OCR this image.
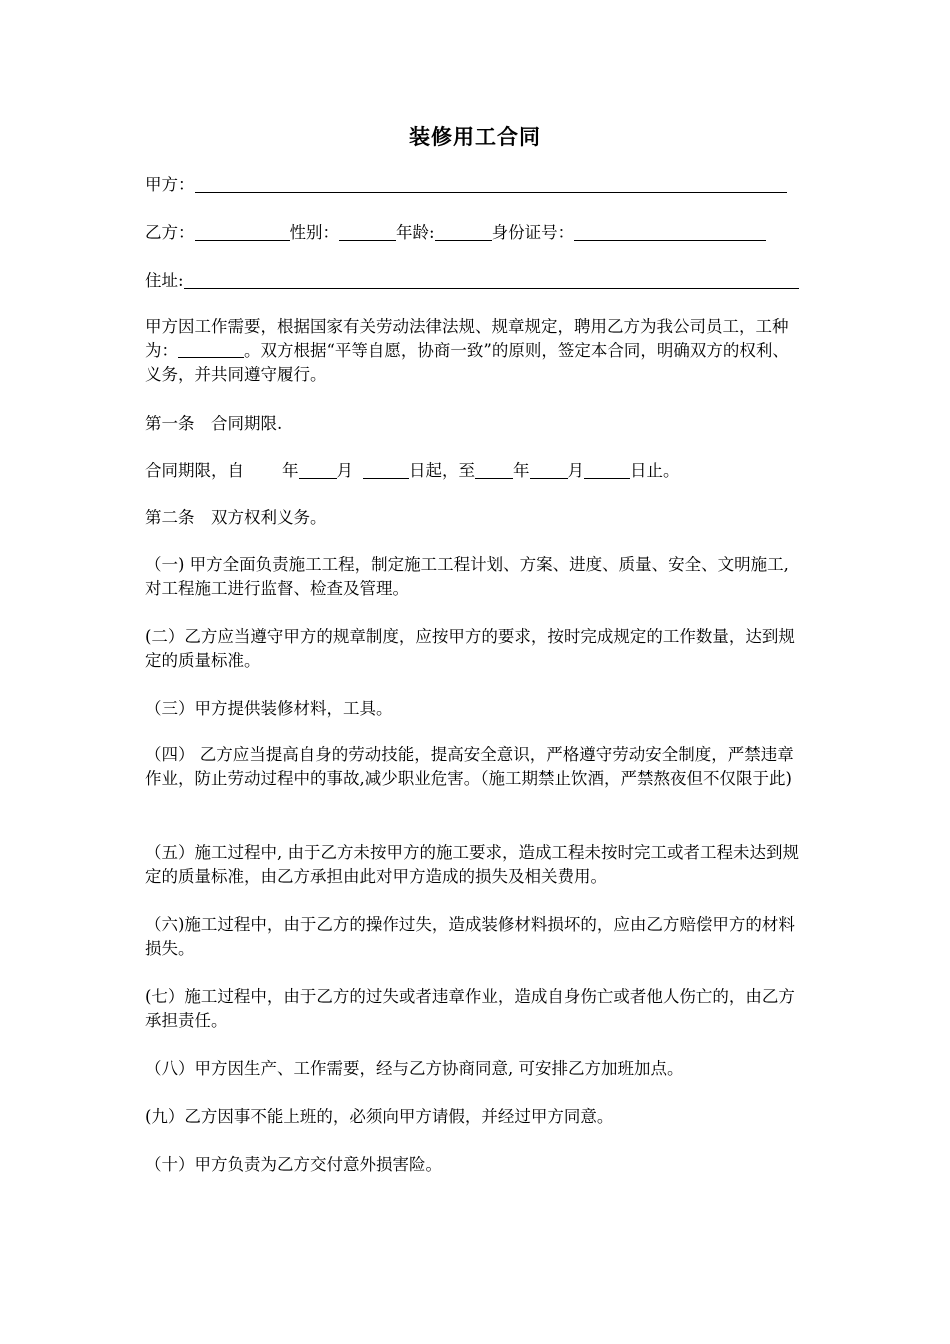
装修用工合同
甲方：
乙方：	性别：	年龄:	身份证号：
住址:
甲方因工作需要，根据国家有关劳动法律法规、规章规定，聘用乙方为我公司员工，工种为：	。双方根据“平等自愿，协商一致”的原则，签定本合同，明确双方的权利、义务，并共同遵守履行。
第一条　合同期限.
合同期限，自 年 月	日起，至 年 月	日止。
第二条　双方权利义务。
（一) 甲方全面负责施工工程，制定施工工程计划、方案、进度、质量、安全、文明施工,对工程施工进行监督、检查及管理。
(二）乙方应当遵守甲方的规章制度，应按甲方的要求，按时完成规定的工作数量，达到规定的质量标准。
（三）甲方提供装修材料，工具。
（四） 乙方应当提高自身的劳动技能，提高安全意识，严格遵守劳动安全制度，严禁违章作业，防止劳动过程中的事故,减少职业危害。（施工期禁止饮酒，严禁熬夜但不仅限于此)
（五）施工过程中, 由于乙方未按甲方的施工要求，造成工程未按时完工或者工程未达到规定的质量标准，由乙方承担由此对甲方造成的损失及相关费用。
（六)施工过程中，由于乙方的操作过失，造成装修材料损坏的，应由乙方赔偿甲方的材料损失。
(七）施工过程中，由于乙方的过失或者违章作业，造成自身伤亡或者他人伤亡的，由乙方承担责任。
（八）甲方因生产、工作需要，经与乙方协商同意, 可安排乙方加班加点。
(九）乙方因事不能上班的，必须向甲方请假，并经过甲方同意。
（十）甲方负责为乙方交付意外损害险。
